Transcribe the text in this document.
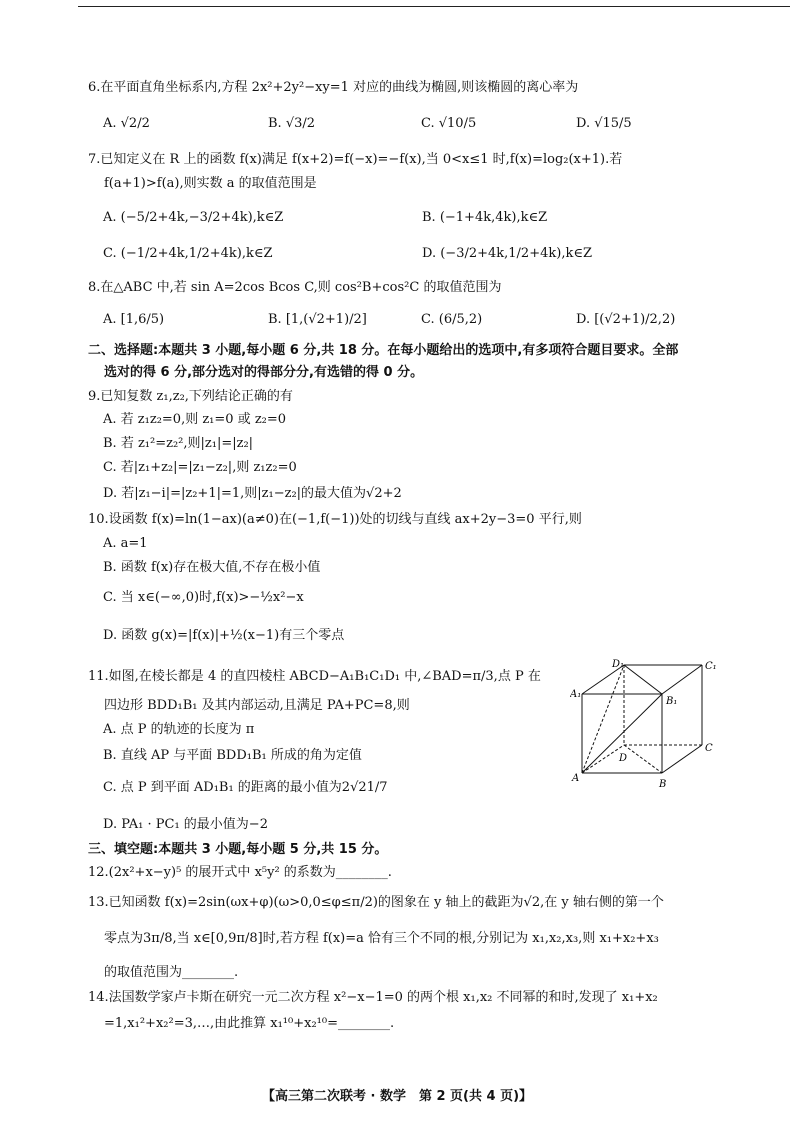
6.在平面直角坐标系内,方程 2x²+2y²−xy=1 对应的曲线为椭圆,则该椭圆的离心率为
A. √2/2	B. √3/2	C. √10/5	D. √15/5
7.已知定义在 R 上的函数 f(x)满足 f(x+2)=f(−x)=−f(x),当 0<x≤1 时,f(x)=log₂(x+1).若
f(a+1)>f(a),则实数 a 的取值范围是
A. (−5/2+4k,−3/2+4k),k∈Z	B. (−1+4k,4k),k∈Z
C. (−1/2+4k,1/2+4k),k∈Z	D. (−3/2+4k,1/2+4k),k∈Z
8.在△ABC 中,若 sin A=2cos Bcos C,则 cos²B+cos²C 的取值范围为
A. [1,6/5)	B. [1,(√2+1)/2]	C. (6/5,2)	D. [(√2+1)/2,2)
二、选择题:本题共 3 小题,每小题 6 分,共 18 分。在每小题给出的选项中,有多项符合题目要求。全部
选对的得 6 分,部分选对的得部分分,有选错的得 0 分。
9.已知复数 z₁,z₂,下列结论正确的有
A. 若 z₁z₂=0,则 z₁=0 或 z₂=0
B. 若 z₁²=z₂²,则|z₁|=|z₂|
C. 若|z₁+z₂|=|z₁−z₂|,则 z₁z₂=0
D. 若|z₁−i|=|z₂+1|=1,则|z₁−z₂|的最大值为√2+2
10.设函数 f(x)=ln(1−ax)(a≠0)在(−1,f(−1))处的切线与直线 ax+2y−3=0 平行,则
A. a=1
B. 函数 f(x)存在极大值,不存在极小值
C. 当 x∈(−∞,0)时,f(x)>−½x²−x
D. 函数 g(x)=|f(x)|+½(x−1)有三个零点
11.如图,在棱长都是 4 的直四棱柱 ABCD−A₁B₁C₁D₁ 中,∠BAD=π/3,点 P 在
四边形 BDD₁B₁ 及其内部运动,且满足 PA+PC=8,则
A. 点 P 的轨迹的长度为 π
B. 直线 AP 与平面 BDD₁B₁ 所成的角为定值
C. 点 P 到平面 AD₁B₁ 的距离的最小值为2√21/7
D. PA₁ · PC₁ 的最小值为−2
三、填空题:本题共 3 小题,每小题 5 分,共 15 分。
12.(2x²+x−y)⁵ 的展开式中 x⁵y² 的系数为________.
13.已知函数 f(x)=2sin(ωx+φ)(ω>0,0≤φ≤π/2)的图象在 y 轴上的截距为√2,在 y 轴右侧的第一个
零点为3π/8,当 x∈[0,9π/8]时,若方程 f(x)=a 恰有三个不同的根,分别记为 x₁,x₂,x₃,则 x₁+x₂+x₃
的取值范围为________.
14.法国数学家卢卡斯在研究一元二次方程 x²−x−1=0 的两个根 x₁,x₂ 不同幂的和时,发现了 x₁+x₂
=1,x₁²+x₂²=3,…,由此推算 x₁¹⁰+x₂¹⁰=________.
D₁	C₁
A₁
B₁
D
C
A
B
【高三第二次联考 · 数学　第 2 页(共 4 页)】
